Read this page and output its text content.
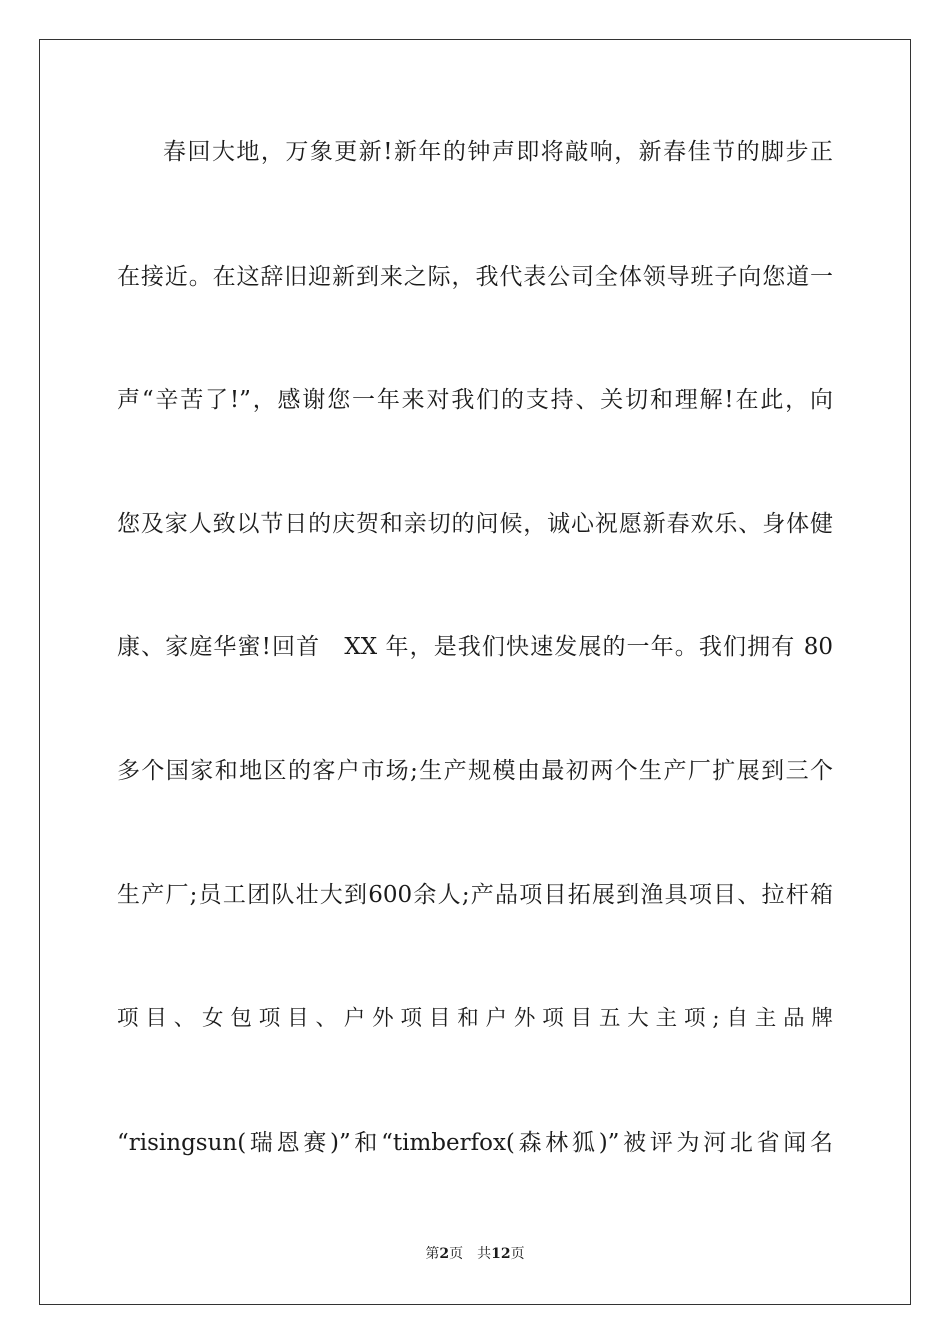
春回大地，万象更新!新年的钟声即将敲响，新春佳节的脚步正
在接近。在这辞旧迎新到来之际，我代表公司全体领导班子向您道一
声“辛苦了!”，感谢您一年来对我们的支持、关切和理解!在此，向
您及家人致以节日的庆贺和亲切的问候，诚心祝愿新春欢乐、身体健
康、家庭华蜜!回首　XX 年，是我们快速发展的一年。我们拥有 80
多个国家和地区的客户市场;生产规模由最初两个生产厂扩展到三个
生产厂;员工团队壮大到600余人;产品项目拓展到渔具项目、拉杆箱
项 目 、 女 包 项 目 、 户 外 项 目 和 户 外 项 目 五 大 主 项 ; 自 主 品 牌
“risingsun(瑞恩赛)”和“timberfox(森林狐)”被评为河北省闻名
第2页 共12页
